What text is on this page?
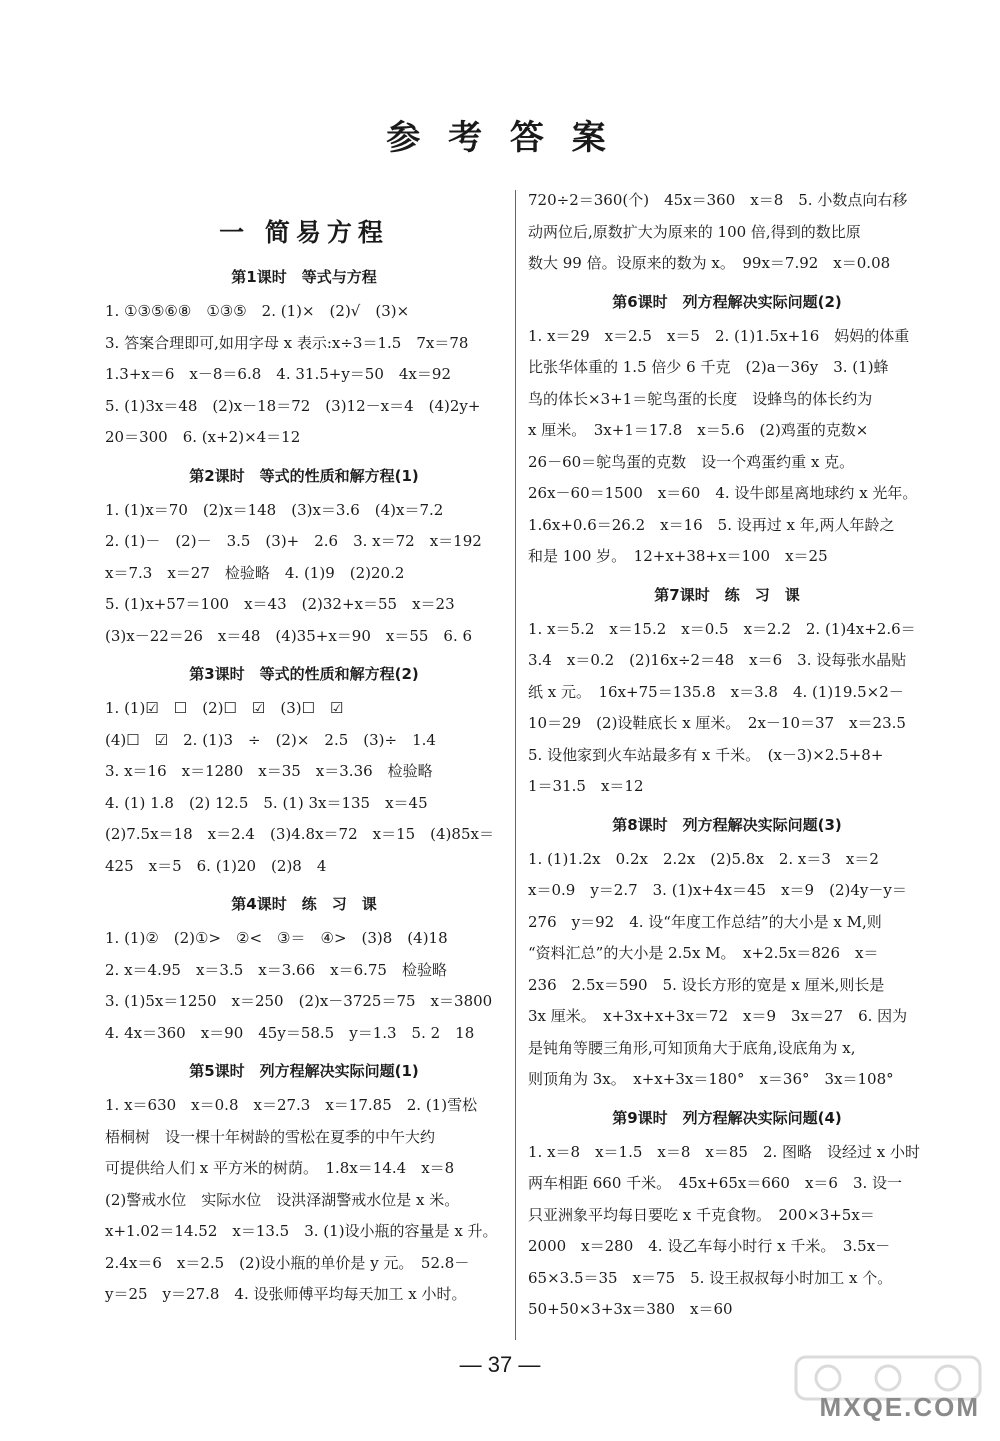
参 考 答 案
一 简易方程
第1课时　等式与方程
1. ①③⑤⑥⑧　①③⑤　2. (1)×　(2)√　(3)×
3. 答案合理即可,如用字母 x 表示:x÷3＝1.5　7x＝78
1.3+x＝6　x－8＝6.8　4. 31.5+y＝50　4x＝92
5. (1)3x＝48　(2)x－18＝72　(3)12－x＝4　(4)2y+
20＝300　6. (x+2)×4＝12
第2课时　等式的性质和解方程(1)
1. (1)x＝70　(2)x＝148　(3)x＝3.6　(4)x＝7.2
2. (1)－　(2)－　3.5　(3)+　2.6　3. x＝72　x＝192
x＝7.3　x＝27　检验略　4. (1)9　(2)20.2
5. (1)x+57＝100　x＝43　(2)32+x＝55　x＝23
(3)x－22＝26　x＝48　(4)35+x＝90　x＝55　6. 6
第3课时　等式的性质和解方程(2)
1. (1)☑　☐　(2)☐　☑　(3)☐　☑
(4)☐　☑　2. (1)3　÷　(2)×　2.5　(3)÷　1.4
3. x＝16　x＝1280　x＝35　x＝3.36　检验略
4. (1) 1.8　(2) 12.5　5. (1) 3x＝135　x＝45
(2)7.5x＝18　x＝2.4　(3)4.8x＝72　x＝15　(4)85x＝
425　x＝5　6. (1)20　(2)8　4
第4课时　练　习　课
1. (1)②　(2)①>　②<　③＝　④>　(3)8　(4)18
2. x＝4.95　x＝3.5　x＝3.66　x＝6.75　检验略
3. (1)5x＝1250　x＝250　(2)x－3725＝75　x＝3800
4. 4x＝360　x＝90　45y＝58.5　y＝1.3　5. 2　18
第5课时　列方程解决实际问题(1)
1. x＝630　x＝0.8　x＝27.3　x＝17.85　2. (1)雪松
梧桐树　设一棵十年树龄的雪松在夏季的中午大约
可提供给人们 x 平方米的树荫。　1.8x＝14.4　x＝8
(2)警戒水位　实际水位　设洪泽湖警戒水位是 x 米。
x+1.02＝14.52　x＝13.5　3. (1)设小瓶的容量是 x 升。
2.4x＝6　x＝2.5　(2)设小瓶的单价是 y 元。　52.8－
y＝25　y＝27.8　4. 设张师傅平均每天加工 x 小时。
720÷2＝360(个)　45x＝360　x＝8　5. 小数点向右移
动两位后,原数扩大为原来的 100 倍,得到的数比原
数大 99 倍。设原来的数为 x。　99x＝7.92　x＝0.08
第6课时　列方程解决实际问题(2)
1. x＝29　x＝2.5　x＝5　2. (1)1.5x+16　妈妈的体重
比张华体重的 1.5 倍少 6 千克　(2)a－36y　3. (1)蜂
鸟的体长×3+1＝鸵鸟蛋的长度　设蜂鸟的体长约为
x 厘米。　3x+1＝17.8　x＝5.6　(2)鸡蛋的克数×
26－60＝鸵鸟蛋的克数　设一个鸡蛋约重 x 克。
26x－60＝1500　x＝60　4. 设牛郎星离地球约 x 光年。
1.6x+0.6＝26.2　x＝16　5. 设再过 x 年,两人年龄之
和是 100 岁。　12+x+38+x＝100　x＝25
第7课时　练　习　课
1. x＝5.2　x＝15.2　x＝0.5　x＝2.2　2. (1)4x+2.6＝
3.4　x＝0.2　(2)16x÷2＝48　x＝6　3. 设每张水晶贴
纸 x 元。　16x+75＝135.8　x＝3.8　4. (1)19.5×2－
10＝29　(2)设鞋底长 x 厘米。　2x－10＝37　x＝23.5
5. 设他家到火车站最多有 x 千米。　(x－3)×2.5+8+
1＝31.5　x＝12
第8课时　列方程解决实际问题(3)
1. (1)1.2x　0.2x　2.2x　(2)5.8x　2. x＝3　x＝2
x＝0.9　y＝2.7　3. (1)x+4x＝45　x＝9　(2)4y－y＝
276　y＝92　4. 设“年度工作总结”的大小是 x M,则
“资料汇总”的大小是 2.5x M。　x+2.5x＝826　x＝
236　2.5x＝590　5. 设长方形的宽是 x 厘米,则长是
3x 厘米。　x+3x+x+3x＝72　x＝9　3x＝27　6. 因为
是钝角等腰三角形,可知顶角大于底角,设底角为 x,
则顶角为 3x。　x+x+3x＝180°　x＝36°　3x＝108°
第9课时　列方程解决实际问题(4)
1. x＝8　x＝1.5　x＝8　x＝85　2. 图略　设经过 x 小时
两车相距 660 千米。　45x+65x＝660　x＝6　3. 设一
只亚洲象平均每日要吃 x 千克食物。　200×3+5x＝
2000　x＝280　4. 设乙车每小时行 x 千米。　3.5x－
65×3.5＝35　x＝75　5. 设王叔叔每小时加工 x 个。
50+50×3+3x＝380　x＝60
— 37 —
MXQE.COM
